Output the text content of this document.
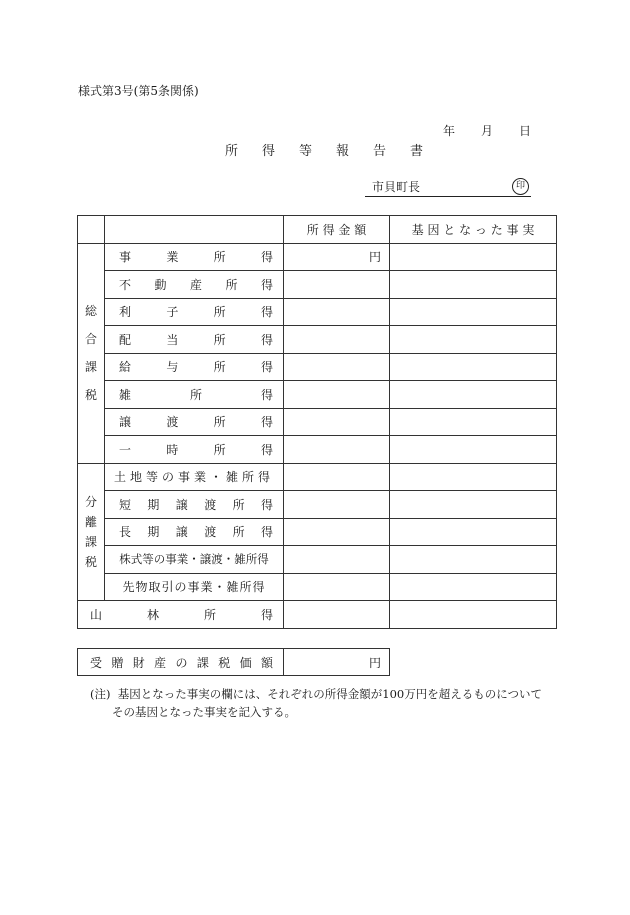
様式第3号(第5条関係)
年 月 日
所得等報告書
市貝町長	印
		所 得 金 額	基 因 と な っ た 事 実
総合課税	事業所得	円	
	不動産所得		
	利子所得		
	配当所得		
	給与所得		
	雑所得		
	譲渡所得		
	一時所得		
分離課税	土地等の事業・雑所得		
	短期譲渡所得		
	長期譲渡所得		
	株式等の事業・譲渡・雑所得		
	先物取引の事業・雑所得		
山林所得			
受贈財産の課税価額	円
(注) 基因となった事実の欄には、それぞれの所得金額が100万円を超えるものについて
その基因となった事実を記入する。
